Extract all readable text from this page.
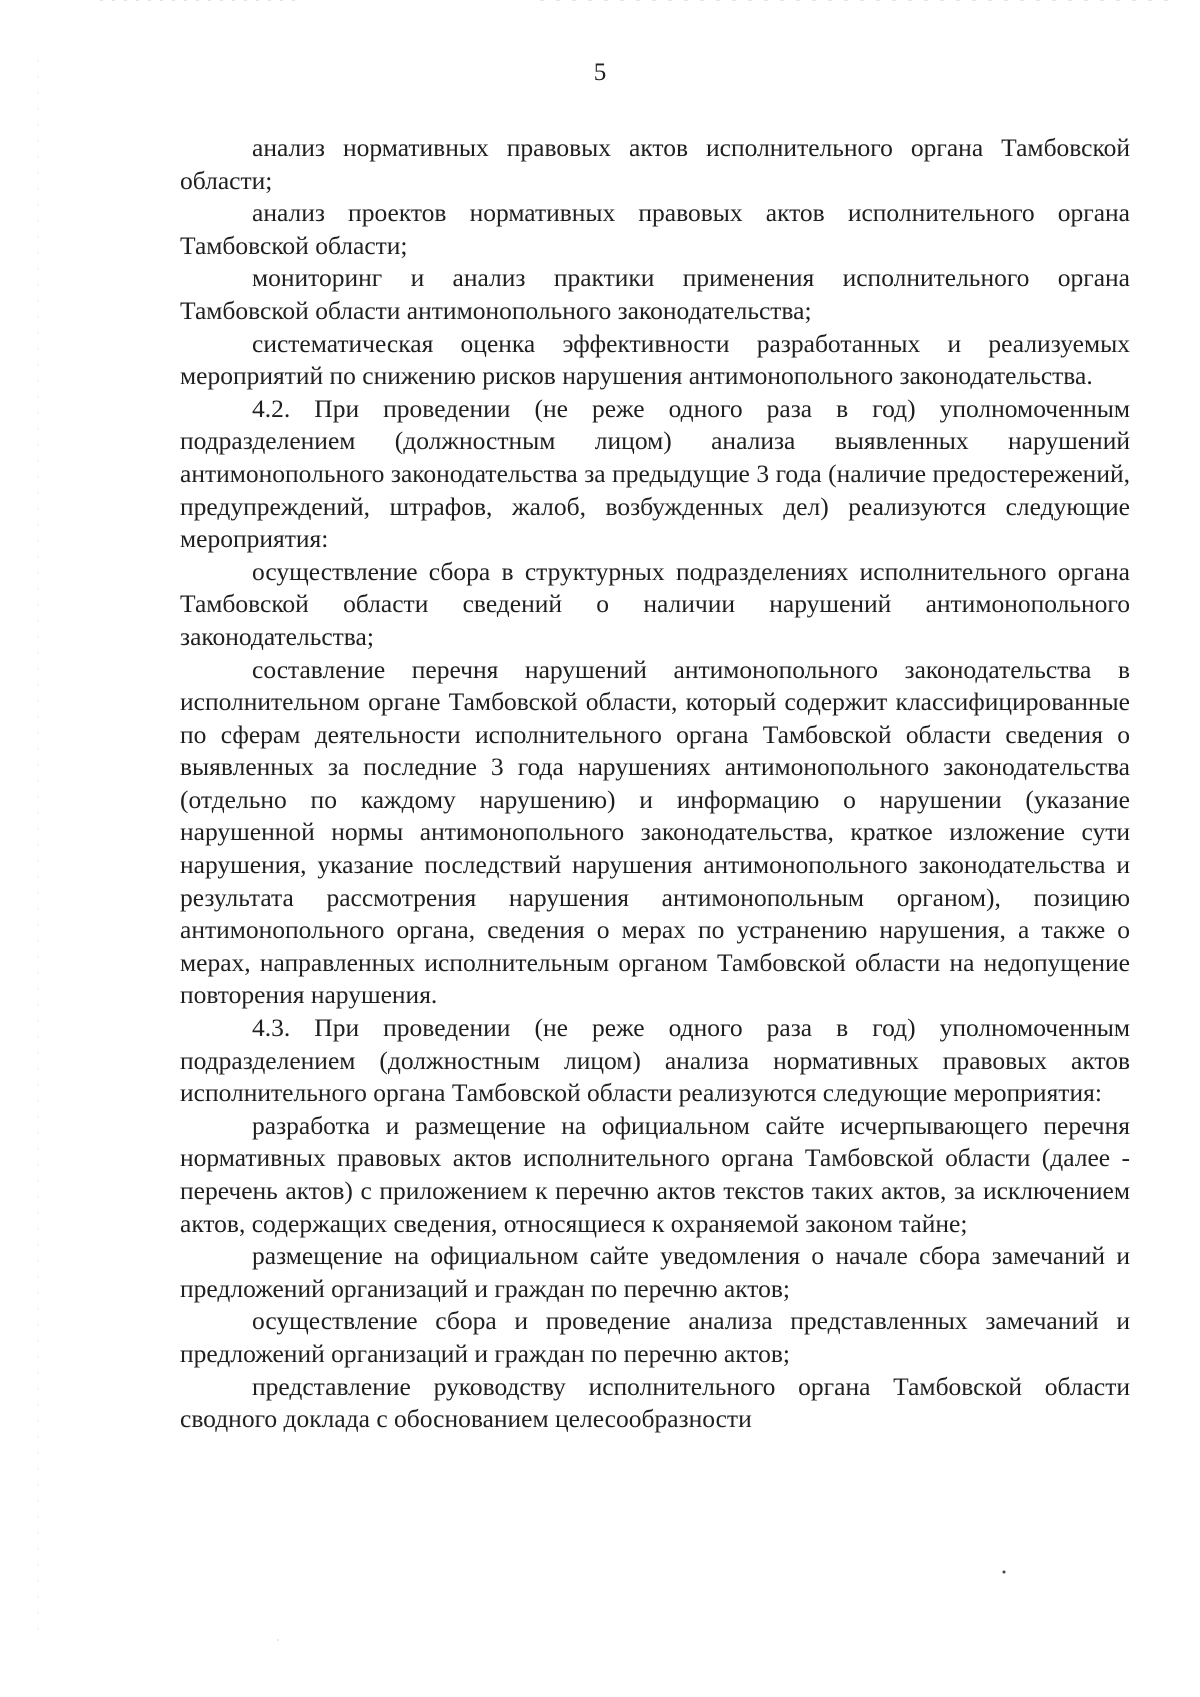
5

анализ нормативных правовых актов исполнительного органа Тамбовской области;

анализ проектов нормативных правовых актов исполнительного органа Тамбовской области;

мониторинг и анализ практики применения исполнительного органа Тамбовской области антимонопольного законодательства;

систематическая оценка эффективности разработанных и реализуемых мероприятий по снижению рисков нарушения антимонопольного законодательства.

4.2. При проведении (не реже одного раза в год) уполномоченным подразделением (должностным лицом) анализа выявленных нарушений антимонопольного законодательства за предыдущие 3 года (наличие предостережений, предупреждений, штрафов, жалоб, возбужденных дел) реализуются следующие мероприятия:

осуществление сбора в структурных подразделениях исполнительного органа Тамбовской области сведений о наличии нарушений антимонопольного законодательства;

составление перечня нарушений антимонопольного законодательства в исполнительном органе Тамбовской области, который содержит классифицированные по сферам деятельности исполнительного органа Тамбовской области сведения о выявленных за последние 3 года нарушениях антимонопольного законодательства (отдельно по каждому нарушению) и информацию о нарушении (указание нарушенной нормы антимонопольного законодательства, краткое изложение сути нарушения, указание последствий нарушения антимонопольного законодательства и результата рассмотрения нарушения антимонопольным органом), позицию антимонопольного органа, сведения о мерах по устранению нарушения, а также о мерах, направленных исполнительным органом Тамбовской области на недопущение повторения нарушения.

4.3. При проведении (не реже одного раза в год) уполномоченным подразделением (должностным лицом) анализа нормативных правовых актов исполнительного органа Тамбовской области реализуются следующие мероприятия:

разработка и размещение на официальном сайте исчерпывающего перечня нормативных правовых актов исполнительного органа Тамбовской области (далее - перечень актов) с приложением к перечню актов текстов таких актов, за исключением актов, содержащих сведения, относящиеся к охраняемой законом тайне;

размещение на официальном сайте уведомления о начале сбора замечаний и предложений организаций и граждан по перечню актов;

осуществление сбора и проведение анализа представленных замечаний и предложений организаций и граждан по перечню актов;

представление руководству исполнительного органа Тамбовской области сводного доклада с обоснованием целесообразности
